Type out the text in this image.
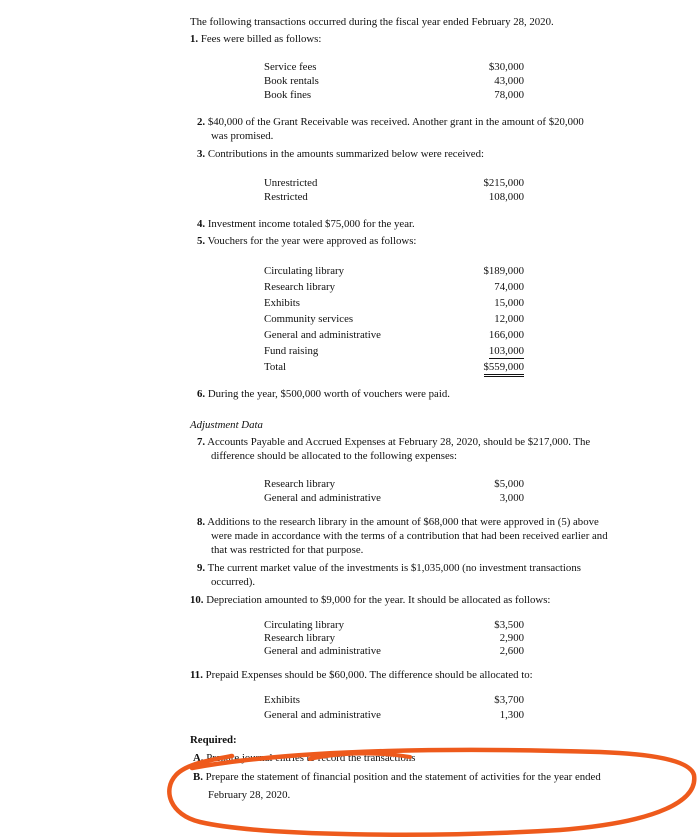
The following transactions occurred during the fiscal year ended February 28, 2020.
1. Fees were billed as follows:
Service fees	$30,000
Book rentals	43,000
Book fines	78,000
2. $40,000 of the Grant Receivable was received. Another grant in the amount of $20,000
was promised.
3. Contributions in the amounts summarized below were received:
Unrestricted	$215,000
Restricted	108,000
4. Investment income totaled $75,000 for the year.
5. Vouchers for the year were approved as follows:
Circulating library	$189,000
Research library	74,000
Exhibits	15,000
Community services	12,000
General and administrative	166,000
Fund raising	103,000
Total	$559,000
6. During the year, $500,000 worth of vouchers were paid.
Adjustment Data
7. Accounts Payable and Accrued Expenses at February 28, 2020, should be $217,000. The
difference should be allocated to the following expenses:
Research library	$5,000
General and administrative	3,000
8. Additions to the research library in the amount of $68,000 that were approved in (5) above
were made in accordance with the terms of a contribution that had been received earlier and
that was restricted for that purpose.
9. The current market value of the investments is $1,035,000 (no investment transactions
occurred).
10. Depreciation amounted to $9,000 for the year. It should be allocated as follows:
Circulating library	$3,500
Research library	2,900
General and administrative	2,600
11. Prepaid Expenses should be $60,000. The difference should be allocated to:
Exhibits	$3,700
General and administrative	1,300
Required:
A. Prepare journal entries to record the transactions
B. Prepare the statement of financial position and the statement of activities for the year ended
February 28, 2020.
